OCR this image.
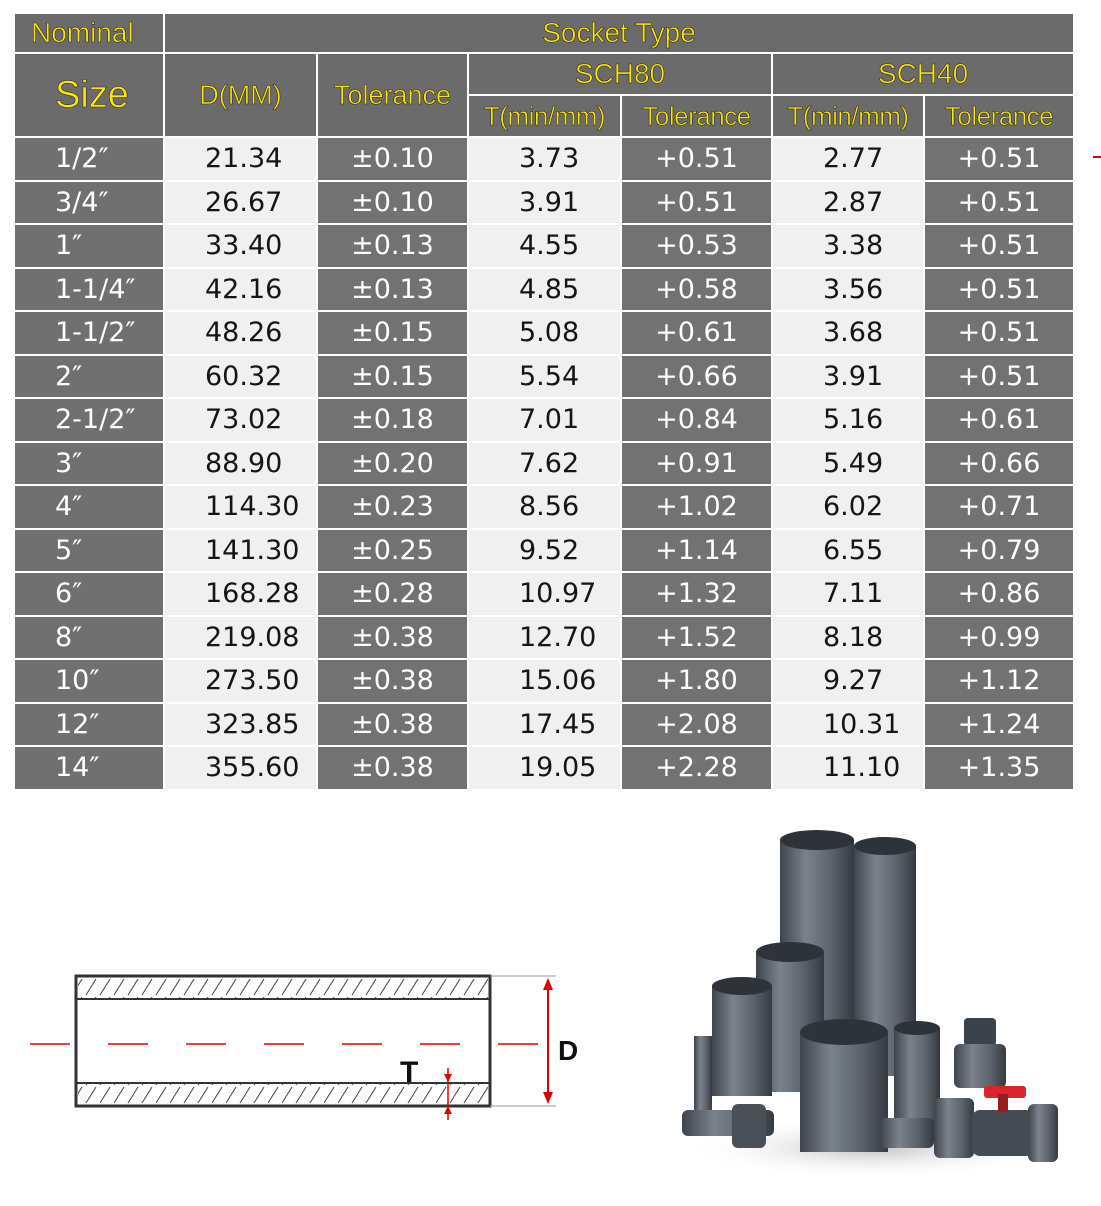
Nominal	Socket Type					
Size	D(MM)	Tolerance	SCH80		SCH40	
			T(min/mm)	Tolerance	T(min/mm)	Tolerance
1/2″	21.34	±0.10	3.73	+0.51	2.77	+0.51
3/4″	26.67	±0.10	3.91	+0.51	2.87	+0.51
1″	33.40	±0.13	4.55	+0.53	3.38	+0.51
1-1/4″	42.16	±0.13	4.85	+0.58	3.56	+0.51
1-1/2″	48.26	±0.15	5.08	+0.61	3.68	+0.51
2″	60.32	±0.15	5.54	+0.66	3.91	+0.51
2-1/2″	73.02	±0.18	7.01	+0.84	5.16	+0.61
3″	88.90	±0.20	7.62	+0.91	5.49	+0.66
4″	114.30	±0.23	8.56	+1.02	6.02	+0.71
5″	141.30	±0.25	9.52	+1.14	6.55	+0.79
6″	168.28	±0.28	10.97	+1.32	7.11	+0.86
8″	219.08	±0.38	12.70	+1.52	8.18	+0.99
10″	273.50	±0.38	15.06	+1.80	9.27	+1.12
12″	323.85	±0.38	17.45	+2.08	10.31	+1.24
14″	355.60	±0.38	19.05	+2.28	11.10	+1.35
D
T
